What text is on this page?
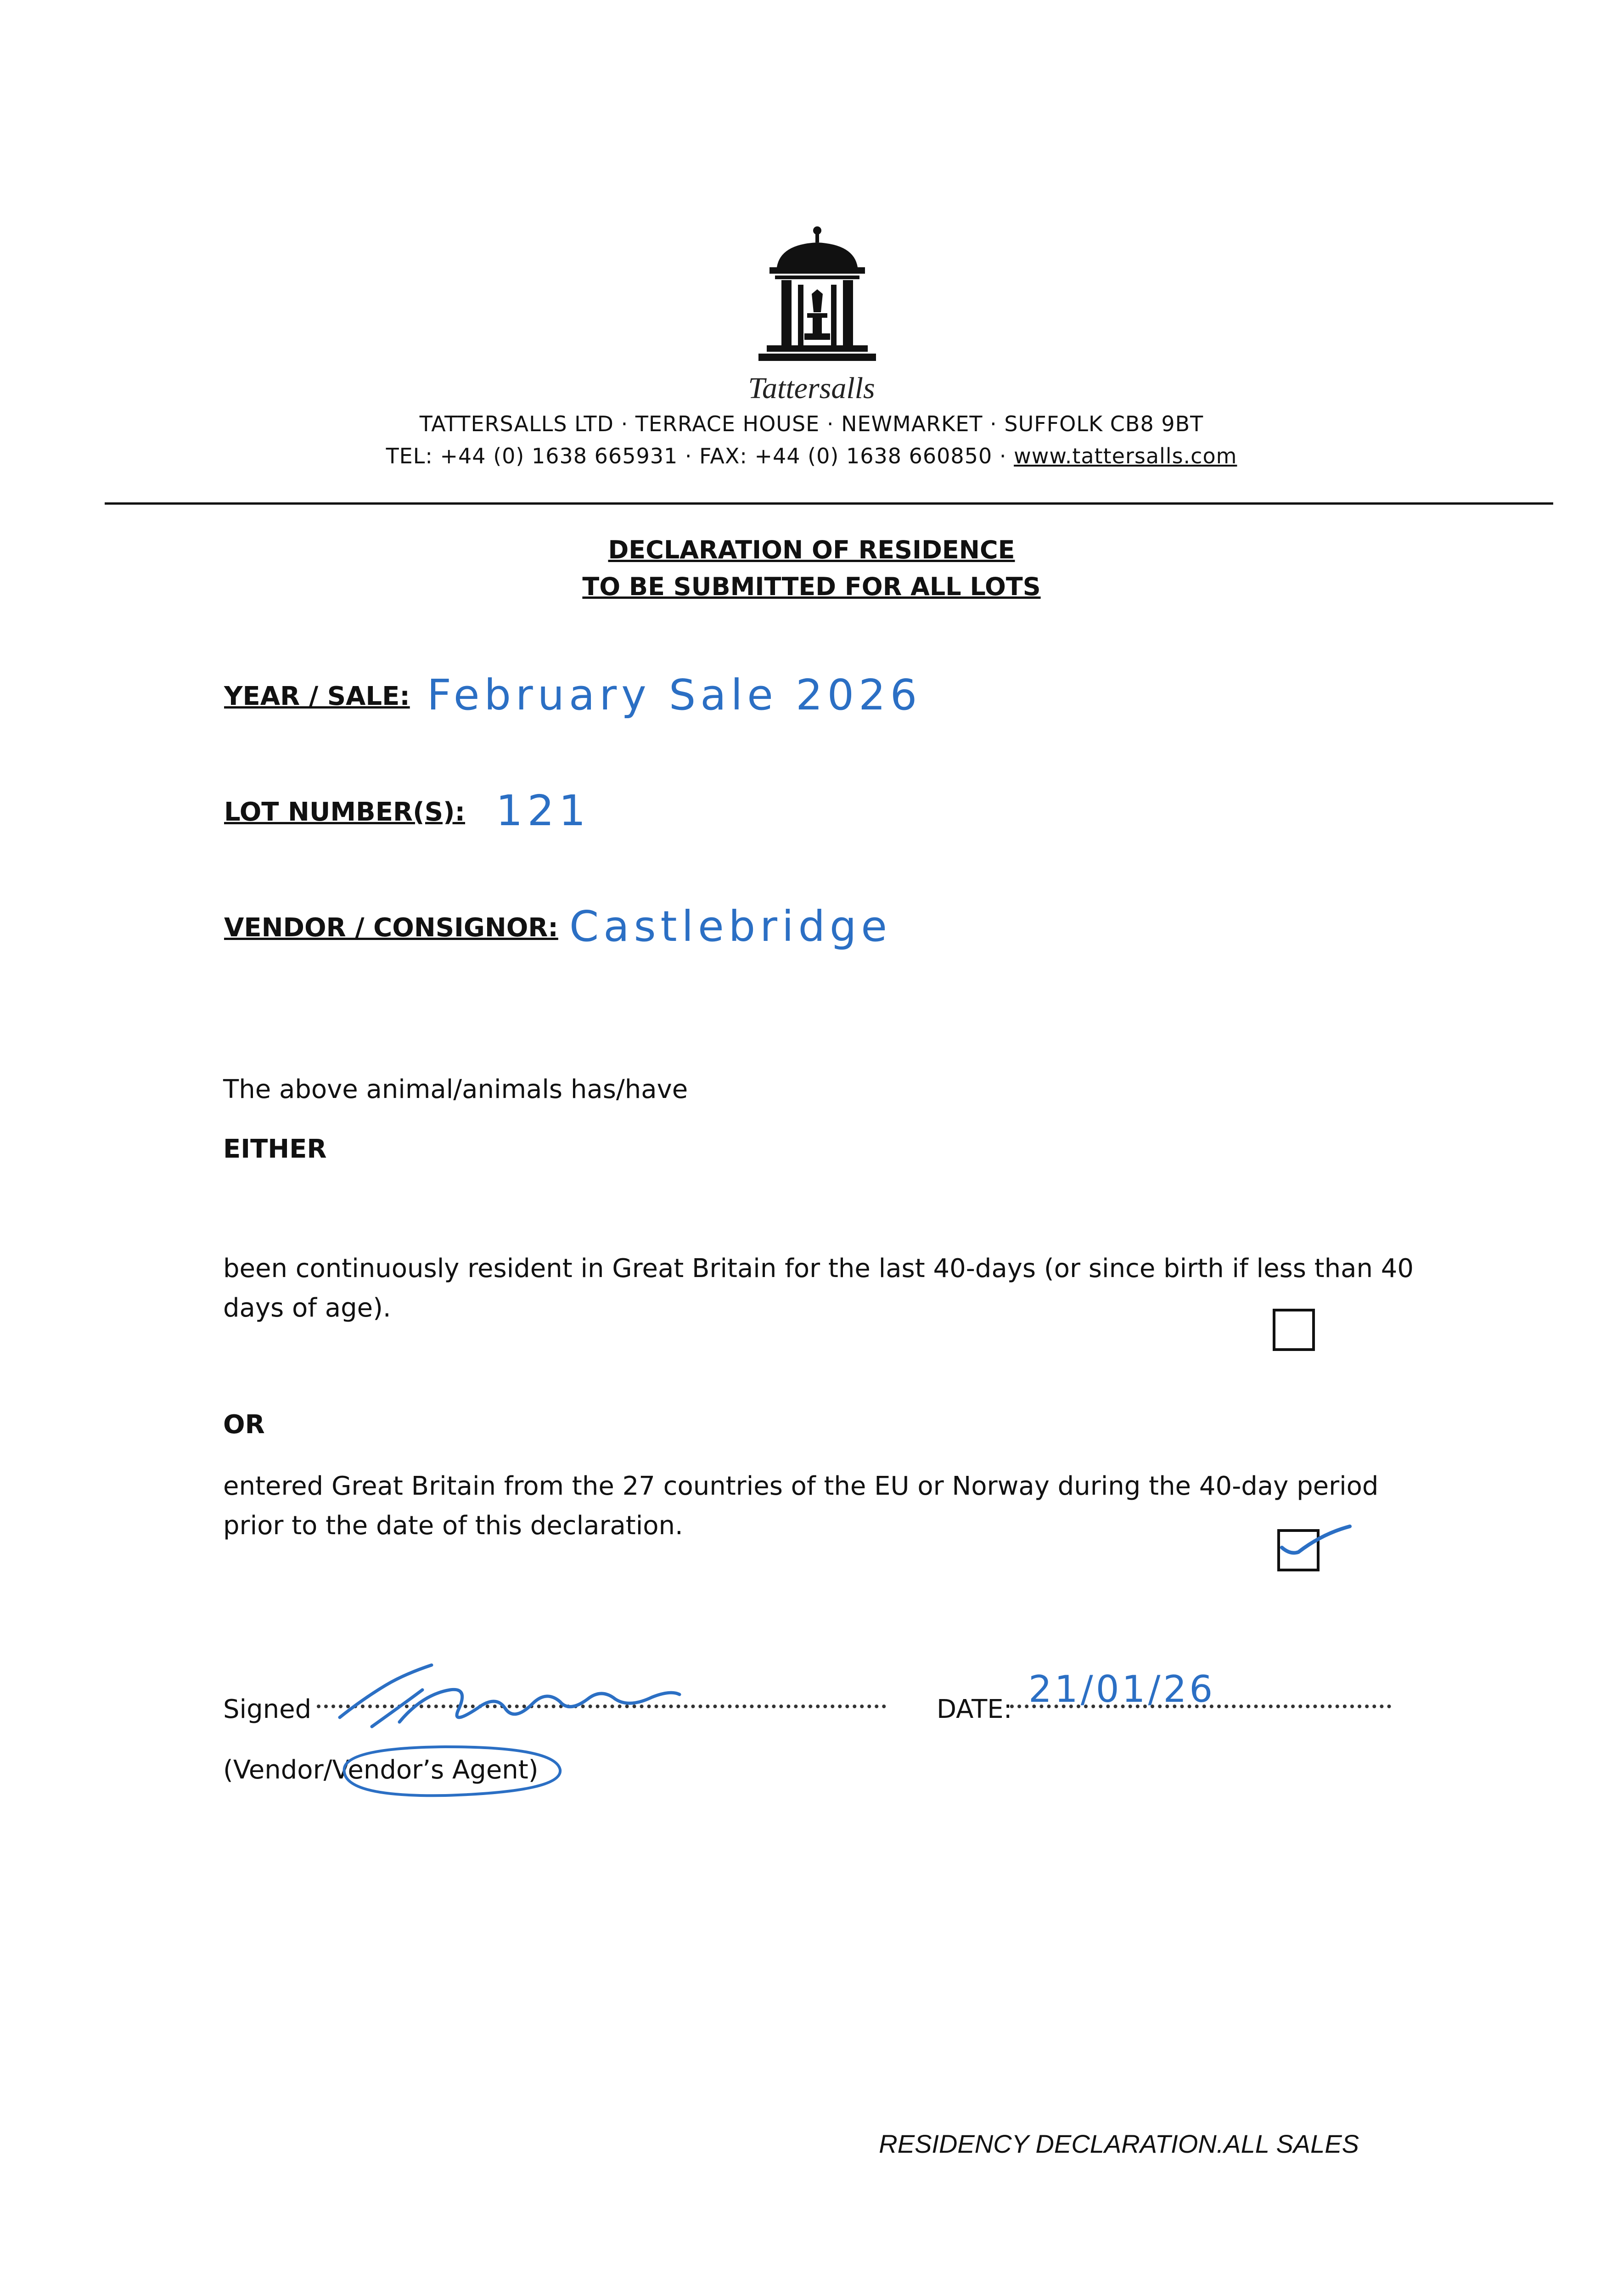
Tattersalls
TATTERSALLS LTD · TERRACE HOUSE · NEWMARKET · SUFFOLK CB8 9BT
TEL: +44 (0) 1638 665931 · FAX: +44 (0) 1638 660850 · www.tattersalls.com
DECLARATION OF RESIDENCE
TO BE SUBMITTED FOR ALL LOTS
YEAR / SALE: February Sale 2026
LOT NUMBER(S): 121
VENDOR / CONSIGNOR: Castlebridge
The above animal/animals has/have
EITHER
been continuously resident in Great Britain for the last 40-days (or since birth if less than 40
days of age).
OR
entered Great Britain from the 27 countries of the EU or Norway during the 40-day period
prior to the date of this declaration.
Signed	DATE: 21/01/26
(Vendor/Vendor’s Agent)
RESIDENCY DECLARATION.ALL SALES
